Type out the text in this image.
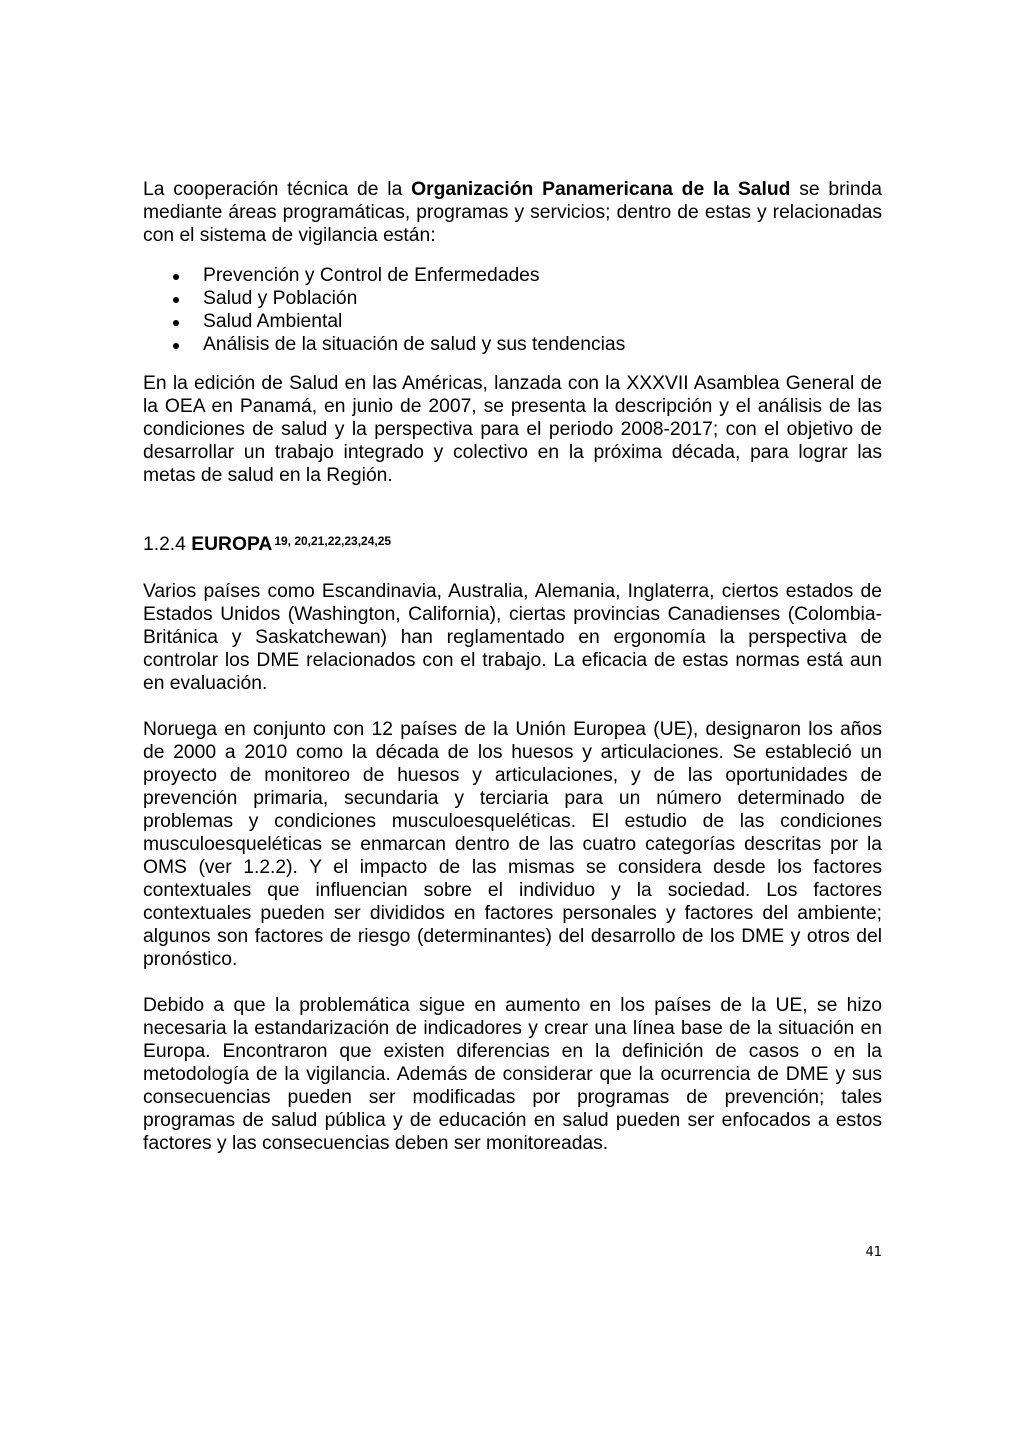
La cooperación técnica de la Organización Panamericana de la Salud se brinda mediante áreas programáticas, programas y servicios; dentro de estas y relacionadas con el sistema de vigilancia están:

Prevención y Control de Enfermedades
Salud y Población
Salud Ambiental
Análisis de la situación de salud y sus tendencias

En la edición de Salud en las Américas, lanzada con la XXXVII Asamblea General de la OEA en Panamá, en junio de 2007, se presenta la descripción y el análisis de las condiciones de salud y la perspectiva para el periodo 2008-2017; con el objetivo de desarrollar un trabajo integrado y colectivo en la próxima década, para lograr las metas de salud en la Región.

1.2.4 EUROPA $^{19, 20,21,22,23,24,25}$

Varios países como Escandinavia, Australia, Alemania, Inglaterra, ciertos estados de Estados Unidos (Washington, California), ciertas provincias Canadienses (Colombia-Británica y Saskatchewan) han reglamentado en ergonomía la perspectiva de controlar los DME relacionados con el trabajo. La eficacia de estas normas está aun en evaluación.

Noruega en conjunto con 12 países de la Unión Europea (UE), designaron los años de 2000 a 2010 como la década de los huesos y articulaciones. Se estableció un proyecto de monitoreo de huesos y articulaciones, y de las oportunidades de prevención primaria, secundaria y terciaria para un número determinado de problemas y condiciones musculoesqueléticas. El estudio de las condiciones musculoesqueléticas se enmarcan dentro de las cuatro categorías descritas por la OMS (ver 1.2.2). Y el impacto de las mismas se considera desde los factores contextuales que influencian sobre el individuo y la sociedad. Los factores contextuales pueden ser divididos en factores personales y factores del ambiente; algunos son factores de riesgo (determinantes) del desarrollo de los DME y otros del pronóstico.

Debido a que la problemática sigue en aumento en los países de la UE, se hizo necesaria la estandarización de indicadores y crear una línea base de la situación en Europa. Encontraron que existen diferencias en la definición de casos o en la metodología de la vigilancia. Además de considerar que la ocurrencia de DME y sus consecuencias pueden ser modificadas por programas de prevención; tales programas de salud pública y de educación en salud pueden ser enfocados a estos factores y las consecuencias deben ser monitoreadas.

41
